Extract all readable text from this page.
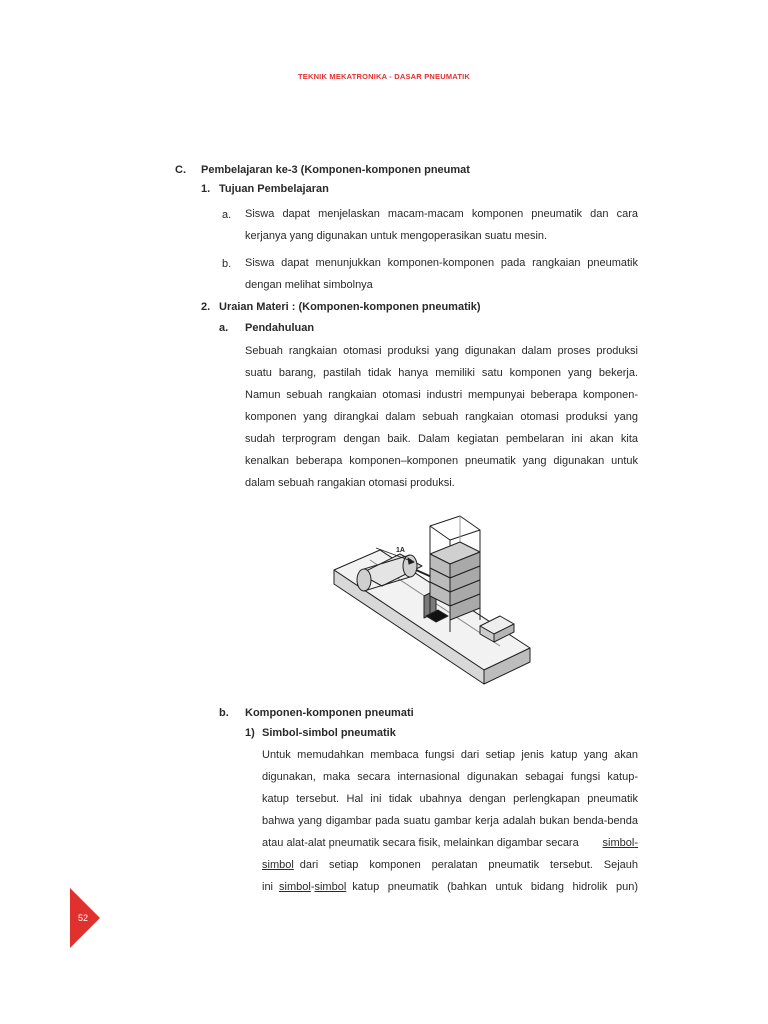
TEKNIK MEKATRONIKA - DASAR PNEUMATIK
C. Pembelajaran ke-3 (Komponen-komponen pneumat
1. Tujuan Pembelajaran
a. Siswa dapat menjelaskan macam-macam komponen pneumatik dan cara
kerjanya yang digunakan untuk mengoperasikan suatu mesin.
b. Siswa dapat menunjukkan komponen-komponen pada rangkaian pneumatik
dengan melihat simbolnya
2. Uraian Materi : (Komponen-komponen pneumatik)
a. Pendahuluan
Sebuah rangkaian otomasi produksi yang digunakan dalam proses produksi
suatu barang, pastilah tidak hanya memiliki satu komponen yang bekerja.
Namun sebuah rangkaian otomasi industri mempunyai beberapa komponen-
komponen yang dirangkai dalam sebuah rangkaian otomasi produksi yang
sudah terprogram dengan baik. Dalam kegiatan pembelaran ini akan kita
kenalkan beberapa komponen–komponen pneumatik yang digunakan untuk
dalam sebuah rangakian otomasi produksi.
1A
b. Komponen-komponen pneumati
1) Simbol-simbol pneumatik
Untuk memudahkan membaca fungsi dari setiap jenis katup yang akan
digunakan, maka secara internasional digunakan sebagai fungsi katup-
katup tersebut. Hal ini tidak ubahnya dengan perlengkapan pneumatik
bahwa yang digambar pada suatu gambar kerja adalah bukan benda-benda
atau alat-alat pneumatik secara fisik, melainkan digambar secara simbol-
simbol dari setiap komponen peralatan pneumatik tersebut. Sejauh
ini simbol-simbol katup pneumatik (bahkan untuk bidang hidrolik pun)
52
